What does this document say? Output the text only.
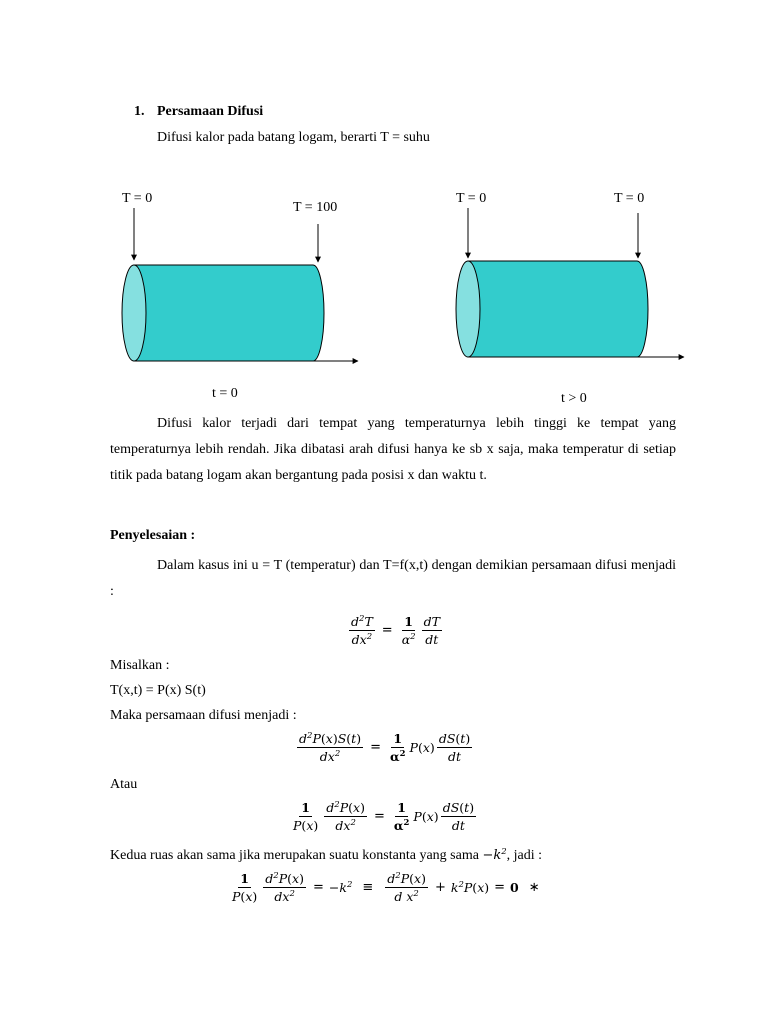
1. Persamaan Difusi
Difusi kalor pada batang logam, berarti T = suhu
T = 0
T = 100
t = 0
T = 0	T = 0
t > 0
Difusi kalor terjadi dari tempat yang temperaturnya lebih tinggi ke tempat yang temperaturnya lebih rendah. Jika dibatasi arah difusi hanya ke sb x saja, maka temperatur di setiap titik pada batang logam akan bergantung pada posisi x dan waktu t.
Penyelesaian :
Dalam kasus ini u = T (temperatur) dan T=f(x,t) dengan demikian persamaan difusi menjadi :
$\frac{d^2T}{dx^2} = \frac{1}{\alpha^2} \frac{dT}{dt}$
Misalkan :
T(x,t) = P(x) S(t)
Maka persamaan difusi menjadi :
$\frac{d^2P(x)S(t)}{dx^2} = \frac{1}{\alpha^2} P(x) \frac{dS(t)}{dt}$
Atau
$\frac{1}{P(x)} \frac{d^2P(x)}{dx^2} = \frac{1}{\alpha^2} P(x) \frac{dS(t)}{dt}$
Kedua ruas akan sama jika merupakan suatu konstanta yang sama $-k^2$, jadi :
$\frac{1}{P(x)} \frac{d^2P(x)}{dx^2} = -k^2 \equiv \frac{d^2P(x)}{d x^2} + k^2P(x) = 0$ ∗
